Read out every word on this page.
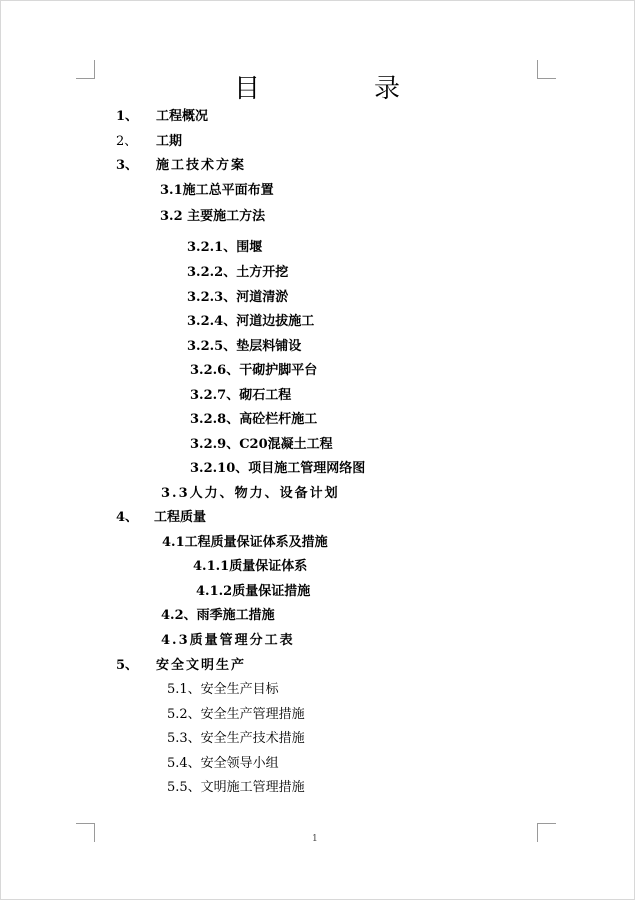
目	录
1、 工程概况
2、 工期
3、 施工技术方案
3.1施工总平面布置
3.2 主要施工方法
3.2.1、围堰
3.2.2、土方开挖
3.2.3、河道清淤
3.2.4、河道边拔施工
3.2.5、垫层料铺设
3.2.6、干砌护脚平台
3.2.7、砌石工程
3.2.8、高砼栏杆施工
3.2.9、C20混凝土工程
3.2.10、项目施工管理网络图
3.3人力、物力、设备计划
4、 工程质量
4.1工程质量保证体系及措施
4.1.1质量保证体系
4.1.2质量保证措施
4.2、雨季施工措施
4.3质量管理分工表
5、 安全文明生产
5.1、安全生产目标
5.2、安全生产管理措施
5.3、安全生产技术措施
5.4、安全领导小组
5.5、文明施工管理措施
1
